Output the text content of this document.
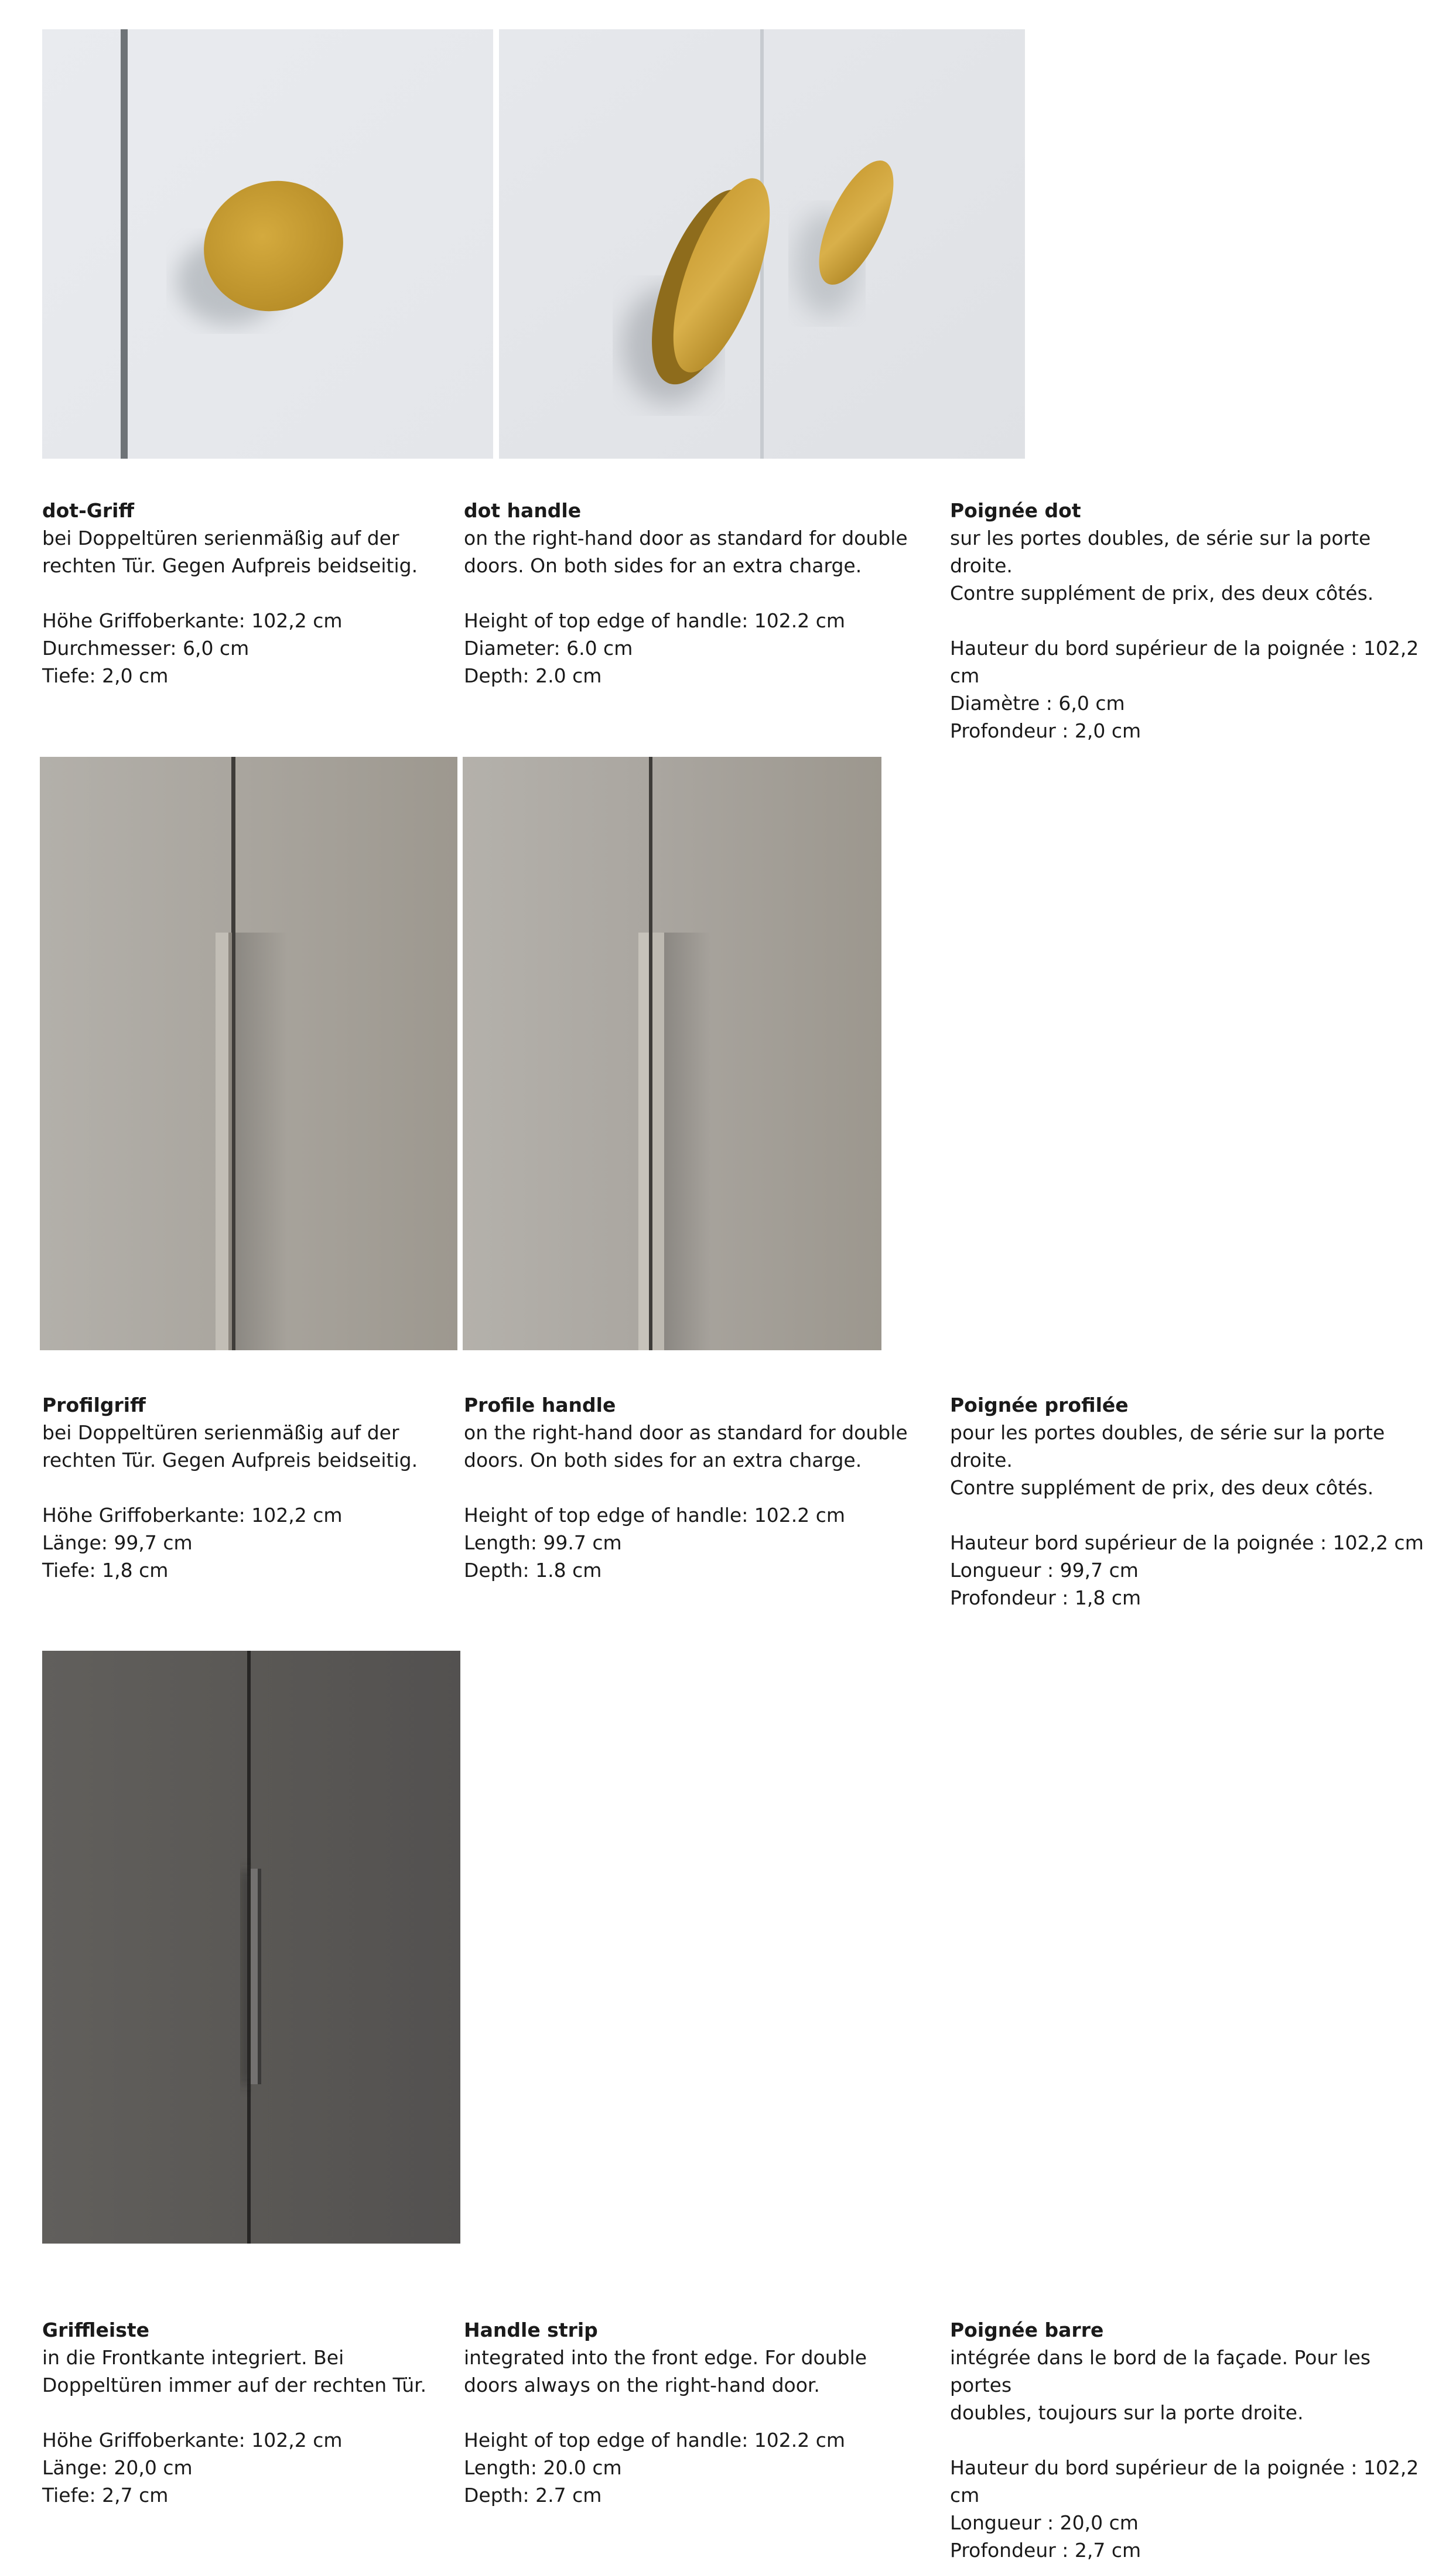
dot-Griff

bei Doppeltüren serienmäßig auf der

rechten Tür. Gegen Aufpreis beidseitig.

Höhe Griffoberkante: 102,2 cm

Durchmesser: 6,0 cm

Tiefe: 2,0 cm

dot handle

on the right-hand door as standard for double

doors. On both sides for an extra charge.

Height of top edge of handle: 102.2 cm

Diameter: 6.0 cm

Depth: 2.0 cm

Poignée dot

sur les portes doubles, de série sur la porte droite.

Contre supplément de prix, des deux côtés.

Hauteur du bord supérieur de la poignée : 102,2 cm

Diamètre : 6,0 cm

Profondeur : 2,0 cm

Profilgriff

bei Doppeltüren serienmäßig auf der

rechten Tür. Gegen Aufpreis beidseitig.

Höhe Griffoberkante: 102,2 cm

Länge: 99,7 cm

Tiefe: 1,8 cm

Profile handle

on the right-hand door as standard for double

doors. On both sides for an extra charge.

Height of top edge of handle: 102.2 cm

Length: 99.7 cm

Depth: 1.8 cm

Poignée profilée

pour les portes doubles, de série sur la porte droite.

Contre supplément de prix, des deux côtés.

Hauteur bord supérieur de la poignée : 102,2 cm

Longueur : 99,7 cm

Profondeur : 1,8 cm

Griffleiste

in die Frontkante integriert. Bei

Doppeltüren immer auf der rechten Tür.

Höhe Griffoberkante: 102,2 cm

Länge: 20,0 cm

Tiefe: 2,7 cm

Handle strip

integrated into the front edge. For double

doors always on the right-hand door.

Height of top edge of handle: 102.2 cm

Length: 20.0 cm

Depth: 2.7 cm

Poignée barre

intégrée dans le bord de la façade. Pour les portes

doubles, toujours sur la porte droite.

Hauteur du bord supérieur de la poignée : 102,2 cm

Longueur : 20,0 cm

Profondeur : 2,7 cm
